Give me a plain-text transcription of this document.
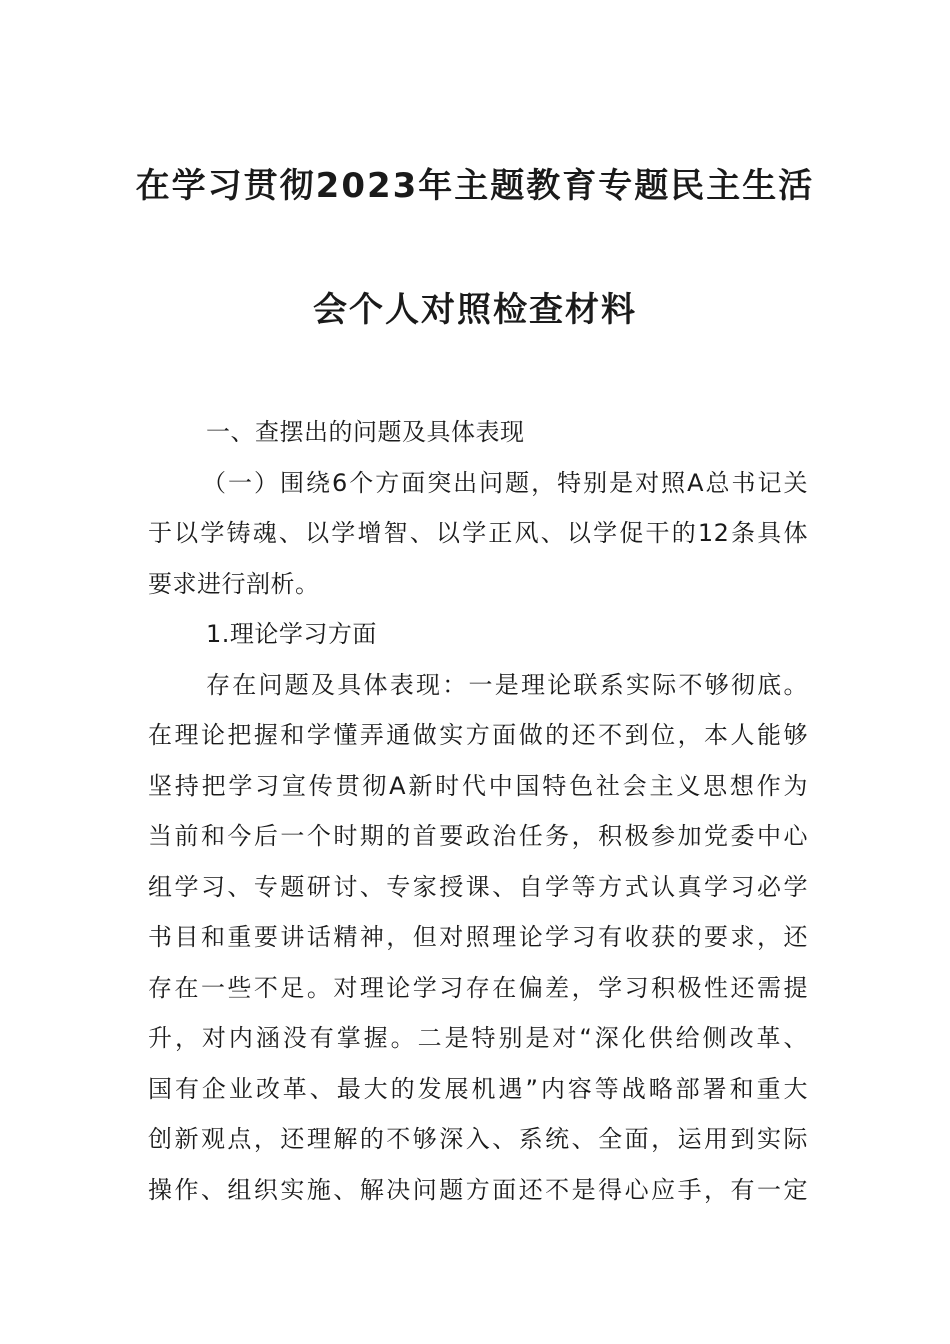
在学习贯彻2023年主题教育专题民主生活
会个人对照检查材料
一、查摆出的问题及具体表现
（一）围绕6个方面突出问题，特别是对照A总书记关
于以学铸魂、以学增智、以学正风、以学促干的12条具体
要求进行剖析。
1.理论学习方面
存在问题及具体表现：一是理论联系实际不够彻底。
在理论把握和学懂弄通做实方面做的还不到位，本人能够
坚持把学习宣传贯彻A新时代中国特色社会主义思想作为
当前和今后一个时期的首要政治任务，积极参加党委中心
组学习、专题研讨、专家授课、自学等方式认真学习必学
书目和重要讲话精神，但对照理论学习有收获的要求，还
存在一些不足。对理论学习存在偏差，学习积极性还需提
升，对内涵没有掌握。二是特别是对“深化供给侧改革、
国有企业改革、最大的发展机遇”内容等战略部署和重大
创新观点，还理解的不够深入、系统、全面，运用到实际
操作、组织实施、解决问题方面还不是得心应手，有一定
